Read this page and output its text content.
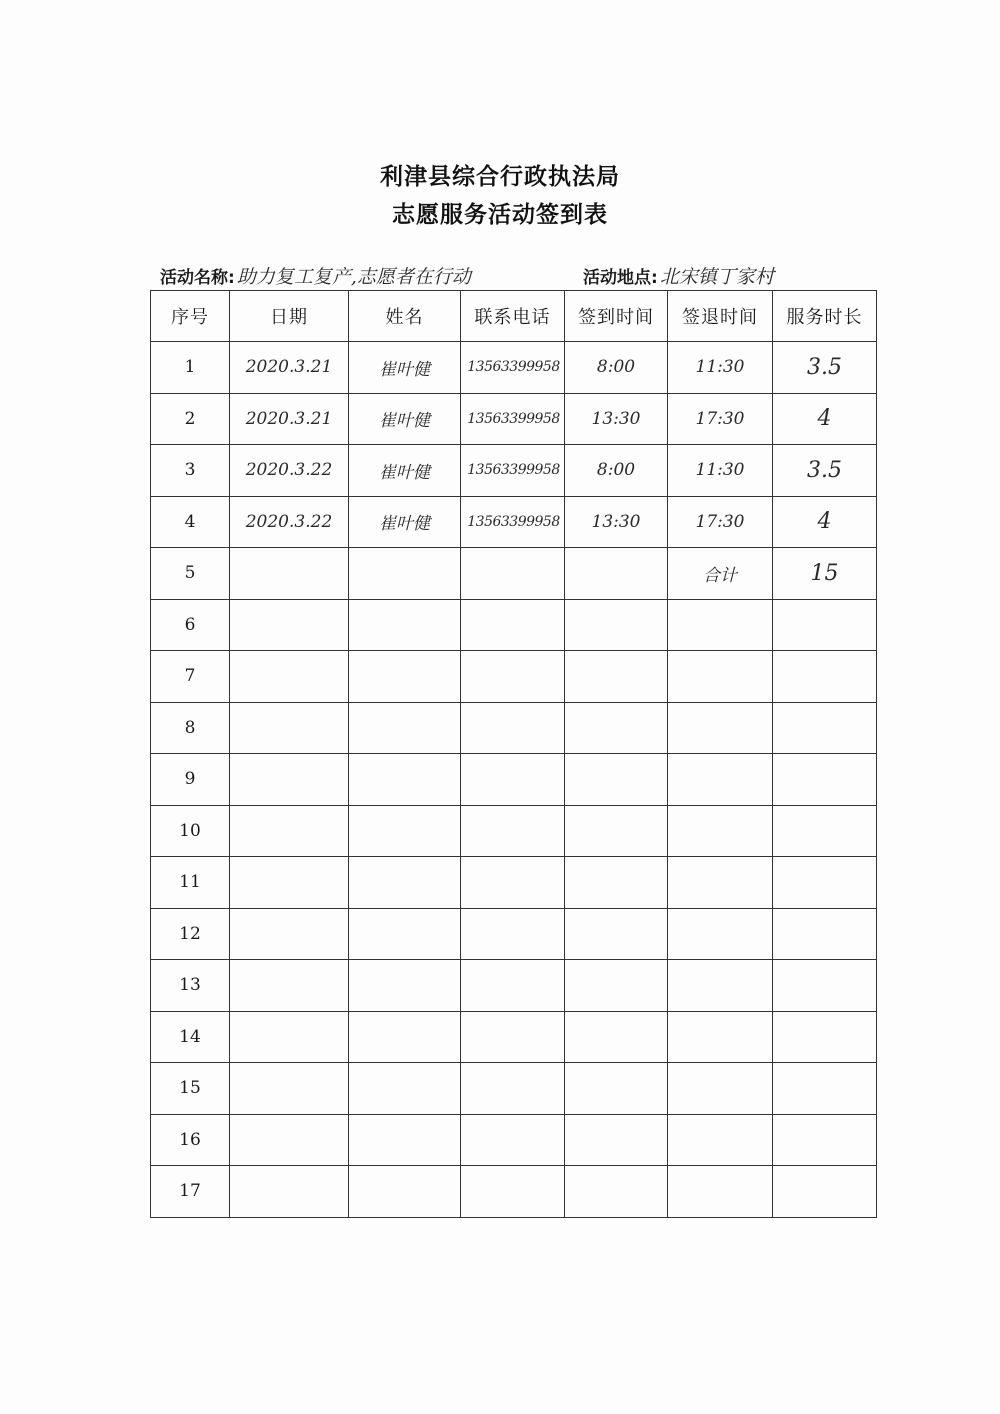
利津县综合行政执法局
志愿服务活动签到表
活动名称: 助力复工复产,志愿者在行动	活动地点: 北宋镇丁家村
序号	日期	姓名	联系电话	签到时间	签退时间	服务时长
1	2020.3.21	崔叶健	13563399958	8:00	11:30	3.5
2	2020.3.21	崔叶健	13563399958	13:30	17:30	4
3	2020.3.22	崔叶健	13563399958	8:00	11:30	3.5
4	2020.3.22	崔叶健	13563399958	13:30	17:30	4
5					合计	15
6						
7						
8						
9						
10						
11						
12						
13						
14						
15						
16						
17						
